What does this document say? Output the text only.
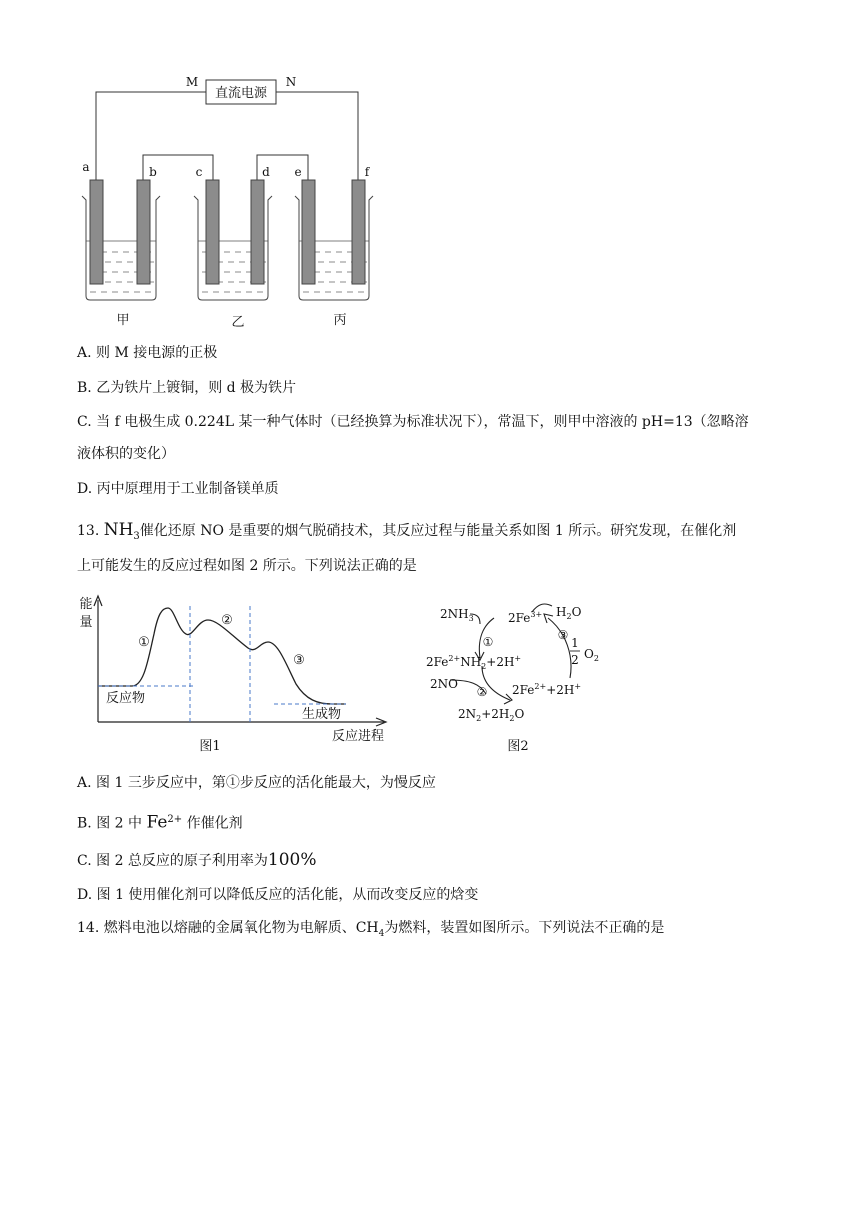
直流电源
M	N
a	b	c	d e	f
甲	乙	丙
A. 则 M 接电源的正极
B. 乙为铁片上镀铜，则 d 极为铁片
C. 当 f 电极生成 0.224L 某一种气体时（已经换算为标准状况下），常温下，则甲中溶液的 pH=13（忽略溶
液体积的变化）
D. 丙中原理用于工业制备镁单质
13. $NH_3$催化还原 NO 是重要的烟气脱硝技术，其反应过程与能量关系如图 1 所示。研究发现，在催化剂
上可能发生的反应过程如图 2 所示。下列说法正确的是
能
量
反应物
生成物
反应进程
①
②
③
图1
$2NH_3$	$2Fe^{3+}$ $H_2O$
①	③
1
2 $O_2$
$2Fe^{2+}NH_2+2H^+$
2NO
② $2Fe^{2+}+2H^+$
$2N_2+2H_2O$
图2
A. 图 1 三步反应中，第①步反应的活化能最大，为慢反应
B. 图 2 中 $Fe^{2+}$ 作催化剂
C. 图 2 总反应的原子利用率为100%
D. 图 1 使用催化剂可以降低反应的活化能，从而改变反应的焓变
14. 燃料电池以熔融的金属氧化物为电解质、$CH_4$为燃料，装置如图所示。下列说法不正确的是
